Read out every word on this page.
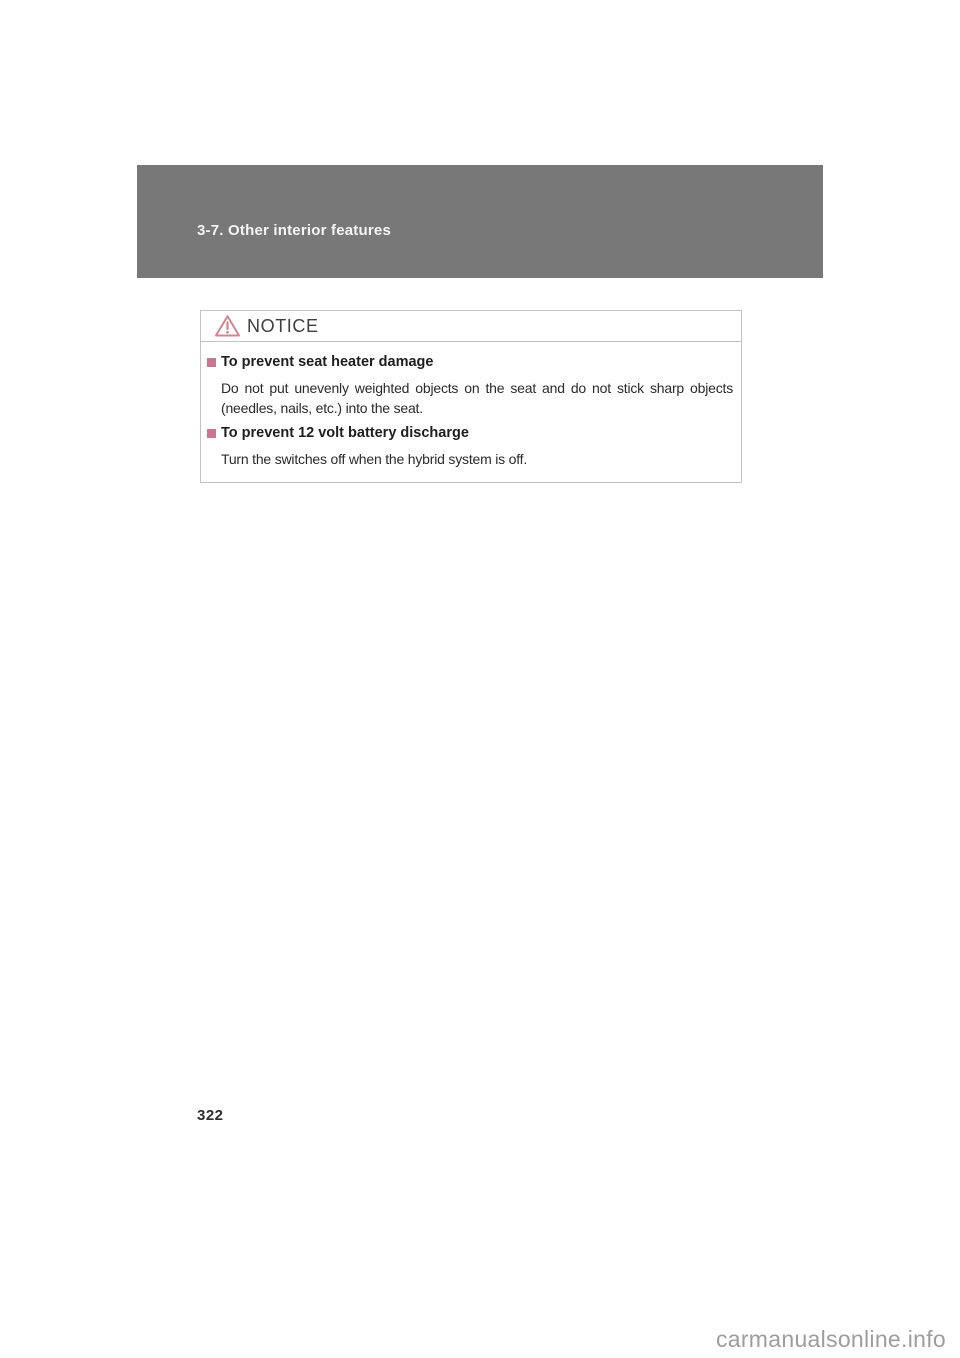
3-7. Other interior features
NOTICE
To prevent seat heater damage
Do not put unevenly weighted objects on the seat and do not stick sharp objects (needles, nails, etc.) into the seat.
To prevent 12 volt battery discharge
Turn the switches off when the hybrid system is off.
322
carmanualsonline.info
